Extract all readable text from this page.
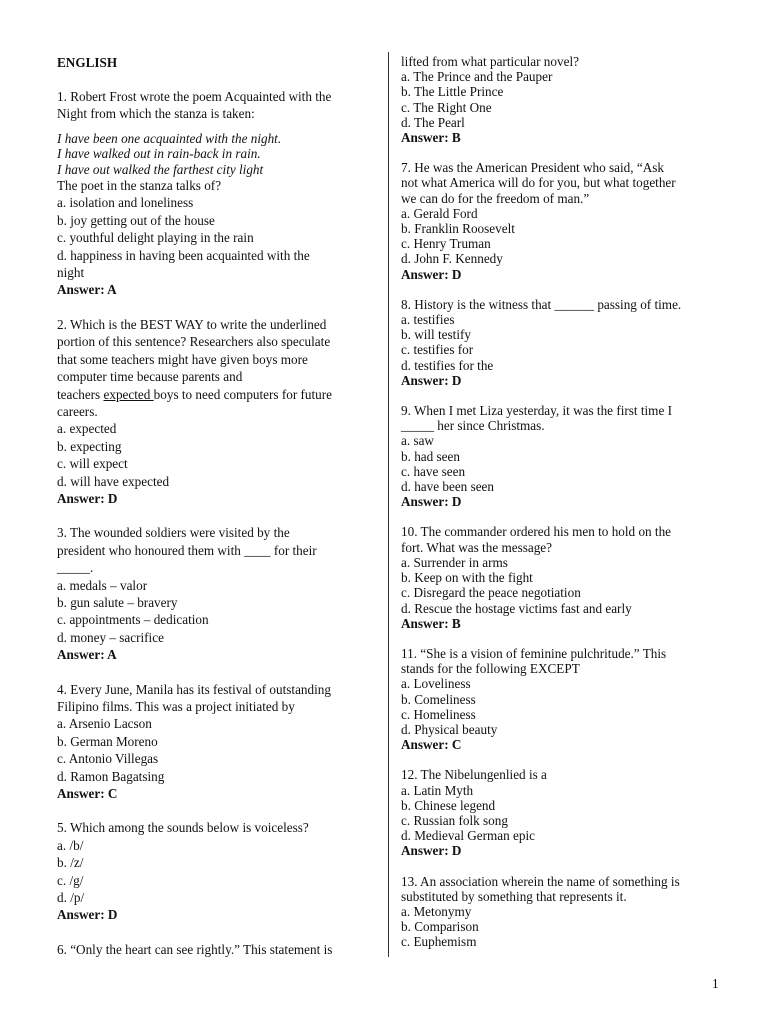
ENGLISH

1. Robert Frost wrote the poem Acquainted with the

Night from which the stanza is taken:

I have been one acquainted with the night.

I have walked out in rain-back in rain.

I have out walked the farthest city light

The poet in the stanza talks of?

a. isolation and loneliness

b. joy getting out of the house

c. youthful delight playing in the rain

d. happiness in having been acquainted with the

night

Answer: A

2. Which is the BEST WAY to write the underlined

portion of this sentence? Researchers also speculate

that some teachers might have given boys more

computer time because parents and

teachers expected boys to need computers for future

careers.

a. expected

b. expecting

c. will expect

d. will have expected

Answer: D

3. The wounded soldiers were visited by the

president who honoured them with ____ for their

_____.

a. medals – valor

b. gun salute – bravery

c. appointments – dedication

d. money – sacrifice

Answer: A

4. Every June, Manila has its festival of outstanding

Filipino films. This was a project initiated by

a. Arsenio Lacson

b. German Moreno

c. Antonio Villegas

d. Ramon Bagatsing

Answer: C

5. Which among the sounds below is voiceless?

a. /b/

b. /z/

c. /g/

d. /p/

Answer: D

6. “Only the heart can see rightly.” This statement is

lifted from what particular novel?

a. The Prince and the Pauper

b. The Little Prince

c. The Right One

d. The Pearl

Answer: B

7. He was the American President who said, “Ask

not what America will do for you, but what together

we can do for the freedom of man.”

a. Gerald Ford

b. Franklin Roosevelt

c. Henry Truman

d. John F. Kennedy

Answer: D

8. History is the witness that ______ passing of time.

a. testifies

b. will testify

c. testifies for

d. testifies for the

Answer: D

9. When I met Liza yesterday, it was the first time I

_____ her since Christmas.

a. saw

b. had seen

c. have seen

d. have been seen

Answer: D

10. The commander ordered his men to hold on the

fort. What was the message?

a. Surrender in arms

b. Keep on with the fight

c. Disregard the peace negotiation

d. Rescue the hostage victims fast and early

Answer: B

11. “She is a vision of feminine pulchritude.” This

stands for the following EXCEPT

a. Loveliness

b. Comeliness

c. Homeliness

d. Physical beauty

Answer: C

12. The Nibelungenlied is a

a. Latin Myth

b. Chinese legend

c. Russian folk song

d. Medieval German epic

Answer: D

13. An association wherein the name of something is

substituted by something that represents it.

a. Metonymy

b. Comparison

c. Euphemism

1
